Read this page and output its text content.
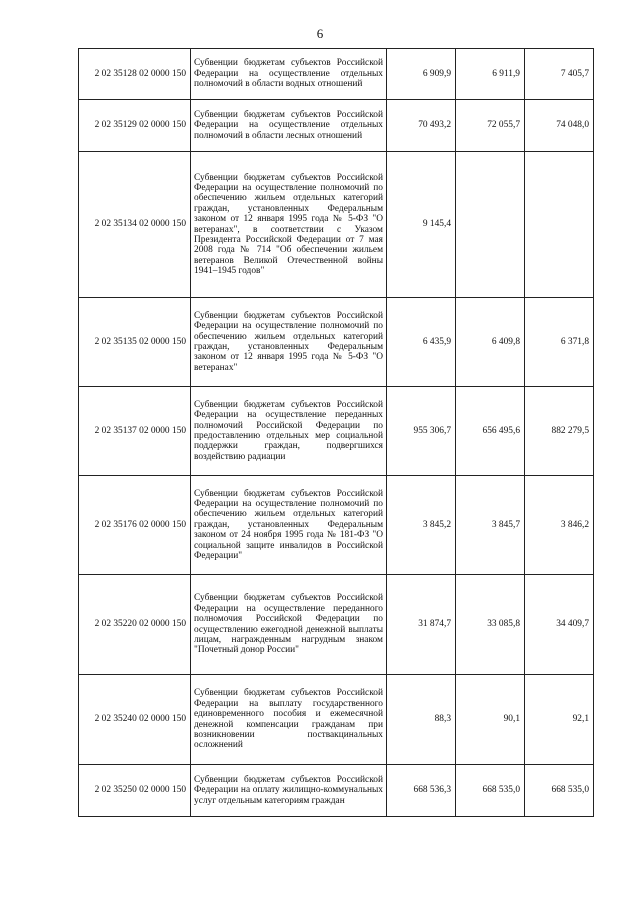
6
2 02 35128 02 0000 150	Субвенции бюджетам субъектов Российской Федерации на осуществление отдельных полномочий в области водных отношений	6 909,9	6 911,9	7 405,7
2 02 35129 02 0000 150	Субвенции бюджетам субъектов Российской Федерации на осуществление отдельных полномочий в области лесных отношений	70 493,2	72 055,7	74 048,0
2 02 35134 02 0000 150	Субвенции бюджетам субъектов Российской Федерации на осуществление полномочий по обеспечению жильем отдельных категорий граждан, установленных Федеральным законом от 12 января 1995 года № 5-ФЗ "О ветеранах", в соответствии с Указом Президента Российской Федерации от 7 мая 2008 года № 714 "Об обеспечении жильем ветеранов Великой Отечественной войны 1941–1945 годов"	9 145,4		
2 02 35135 02 0000 150	Субвенции бюджетам субъектов Российской Федерации на осуществление полномочий по обеспечению жильем отдельных категорий граждан, установленных Федеральным законом от 12 января 1995 года № 5-ФЗ "О ветеранах"	6 435,9	6 409,8	6 371,8
2 02 35137 02 0000 150	Субвенции бюджетам субъектов Российской Федерации на осуществление переданных полномочий Российской Федерации по предоставлению отдельных мер социальной поддержки граждан, подвергшихся воздействию радиации	955 306,7	656 495,6	882 279,5
2 02 35176 02 0000 150	Субвенции бюджетам субъектов Российской Федерации на осуществление полномочий по обеспечению жильем отдельных категорий граждан, установленных Федеральным законом от 24 ноября 1995 года № 181-ФЗ "О социальной защите инвалидов в Российской Федерации"	3 845,2	3 845,7	3 846,2
2 02 35220 02 0000 150	Субвенции бюджетам субъектов Российской Федерации на осуществление переданного полномочия Российской Федерации по осуществлению ежегодной денежной выплаты лицам, награжденным нагрудным знаком "Почетный донор России"	31 874,7	33 085,8	34 409,7
2 02 35240 02 0000 150	Субвенции бюджетам субъектов Российской Федерации на выплату государственного единовременного пособия и ежемесячной денежной компенсации гражданам при возникновении поствакцинальных осложнений	88,3	90,1	92,1
2 02 35250 02 0000 150	Субвенции бюджетам субъектов Российской Федерации на оплату жилищно-коммунальных услуг отдельным категориям граждан	668 536,3	668 535,0	668 535,0
